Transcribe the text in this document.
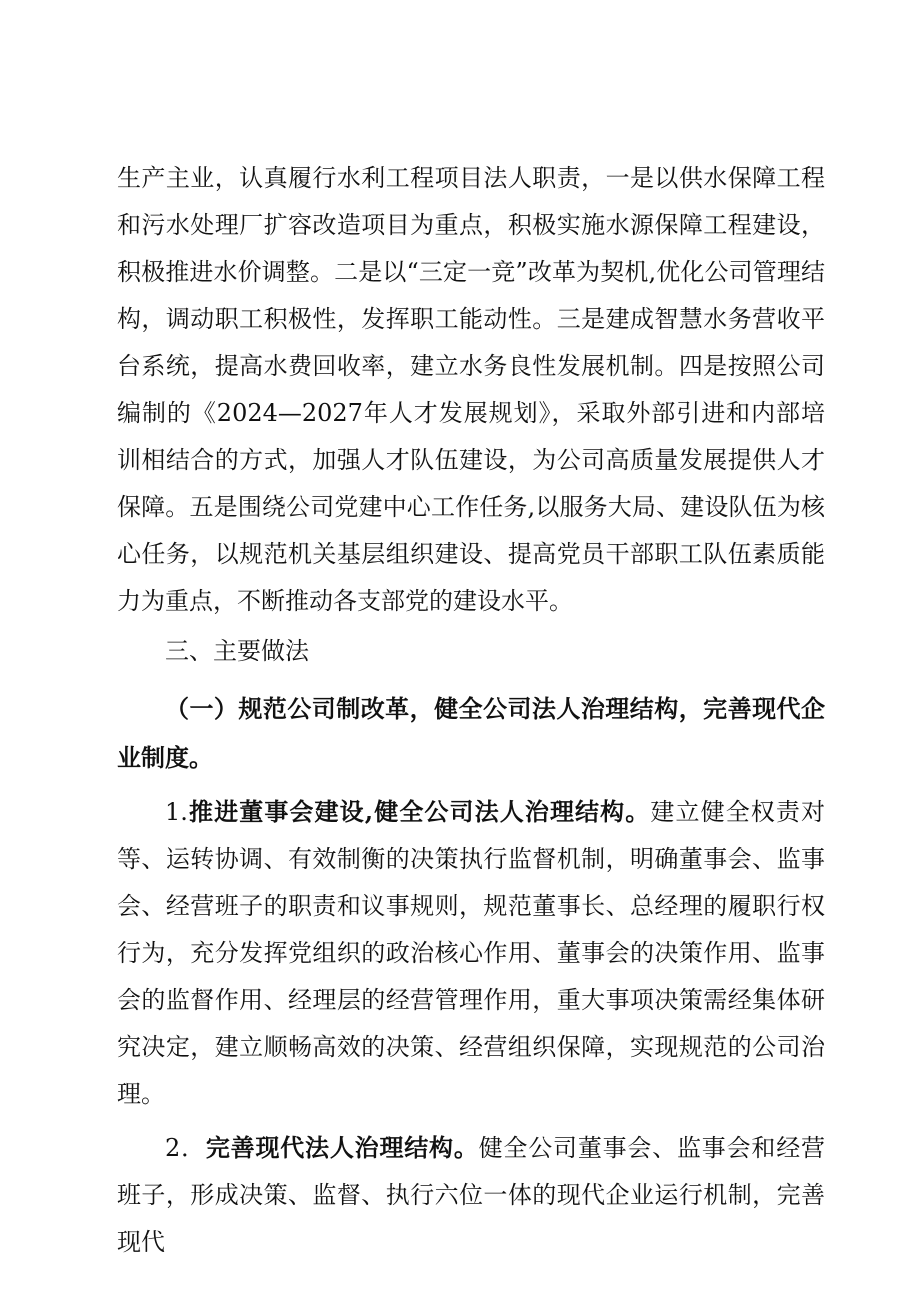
生产主业，认真履行水利工程项目法人职责，一是以供水保障工程和污水处理厂扩容改造项目为重点，积极实施水源保障工程建设，积极推进水价调整。二是以“三定一竞”改革为契机,优化公司管理结构，调动职工积极性，发挥职工能动性。三是建成智慧水务营收平台系统，提高水费回收率，建立水务良性发展机制。四是按照公司编制的《2024—2027年人才发展规划》，采取外部引进和内部培训相结合的方式，加强人才队伍建设，为公司高质量发展提供人才保障。五是围绕公司党建中心工作任务,以服务大局、建设队伍为核心任务，以规范机关基层组织建设、提高党员干部职工队伍素质能力为重点，不断推动各支部党的建设水平。

三、主要做法

（一）规范公司制改革，健全公司法人治理结构，完善现代企业制度。

1.推进董事会建设,健全公司法人治理结构。建立健全权责对等、运转协调、有效制衡的决策执行监督机制，明确董事会、监事会、经营班子的职责和议事规则，规范董事长、总经理的履职行权行为，充分发挥党组织的政治核心作用、董事会的决策作用、监事会的监督作用、经理层的经营管理作用，重大事项决策需经集体研究决定，建立顺畅高效的决策、经营组织保障，实现规范的公司治理。

2．完善现代法人治理结构。健全公司董事会、监事会和经营班子，形成决策、监督、执行六位一体的现代企业运行机制，完善现代
